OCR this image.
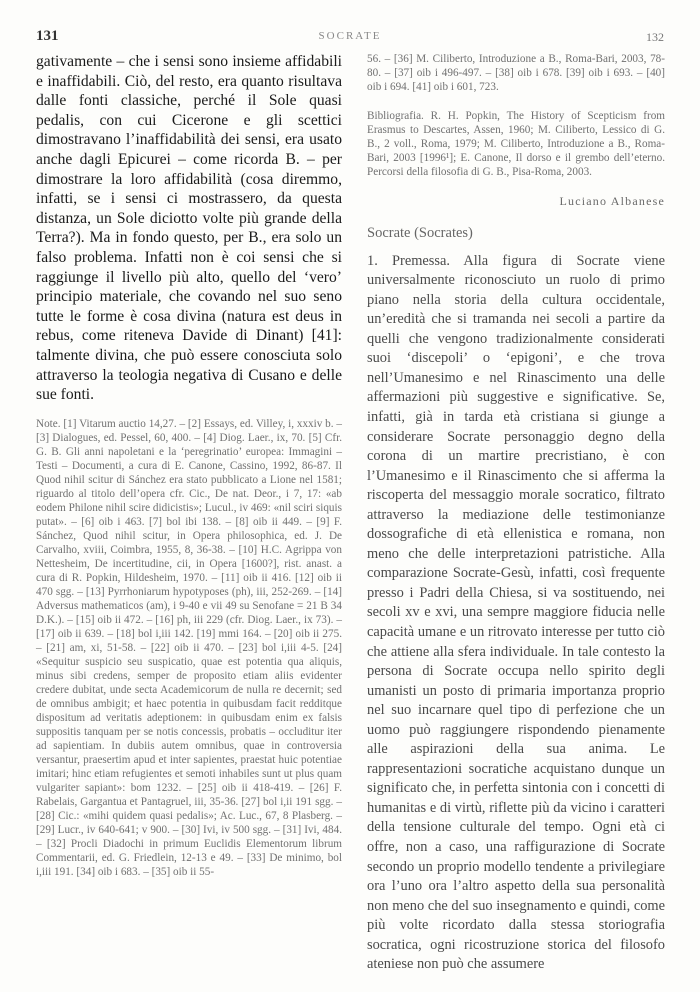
131	SOCRATE	132

gativamente – che i sensi sono insieme affidabili e inaffidabili. Ciò, del resto, era quanto risultava dalle fonti classiche, perché il Sole quasi pedalis, con cui Cicerone e gli scettici dimostravano l’inaffidabilità dei sensi, era usato anche dagli Epicurei – come ricorda B. – per dimostrare la loro affidabilità (cosa diremmo, infatti, se i sensi ci mostrassero, da questa distanza, un Sole diciotto volte più grande della Terra?). Ma in fondo questo, per B., era solo un falso problema. Infatti non è coi sensi che si raggiunge il livello più alto, quello del ‘vero’ principio materiale, che covando nel suo seno tutte le forme è cosa divina (natura est deus in rebus, come riteneva Davide di Dinant) [41]: talmente divina, che può essere conosciuta solo attraverso la teologia negativa di Cusano e delle sue fonti.

Note. [1] Vitarum auctio 14,27. – [2] Essays, ed. Villey, i, xxxiv b. – [3] Dialogues, ed. Pessel, 60, 400. – [4] Diog. Laer., ix, 70. [5] Cfr. G. B. Gli anni napoletani e la ‘peregrinatio’ europea: Immagini – Testi – Documenti, a cura di E. Canone, Cassino, 1992, 86-87. Il Quod nihil scitur di Sánchez era stato pubblicato a Lione nel 1581; riguardo al titolo dell’opera cfr. Cic., De nat. Deor., i 7, 17: «ab eodem Philone nihil scire didicistis»; Lucul., iv 469: «nil sciri siquis putat». – [6] oib i 463. [7] bol ibi 138. – [8] oib ii 449. – [9] F. Sánchez, Quod nihil scitur, in Opera philosophica, ed. J. De Carvalho, xviii, Coimbra, 1955, 8, 36-38. – [10] H.C. Agrippa von Nettesheim, De incertitudine, cii, in Opera [1600?], rist. anast. a cura di R. Popkin, Hildesheim, 1970. – [11] oib ii 416. [12] oib ii 470 sgg. – [13] Pyrrhoniarum hypotyposes (ph), iii, 252-269. – [14] Adversus mathematicos (am), i 9-40 e vii 49 su Senofane = 21 B 34 D.K.). – [15] oib ii 472. – [16] ph, iii 229 (cfr. Diog. Laer., ix 73). – [17] oib ii 639. – [18] bol i,iii 142. [19] mmi 164. – [20] oib ii 275. – [21] am, xi, 51-58. – [22] oib ii 470. – [23] bol i,iii 4-5. [24] «Sequitur suspicio seu suspicatio, quae est potentia qua aliquis, minus sibi credens, semper de proposito etiam aliis evidenter credere dubitat, unde secta Academicorum de nulla re decernit; sed de omnibus ambigit; et haec potentia in quibusdam facit redditque dispositum ad veritatis adeptionem: in quibusdam enim ex falsis suppositis tanquam per se notis concessis, probatis – occluditur iter ad sapientiam. In dubiis autem omnibus, quae in controversia versantur, praesertim apud et inter sapientes, praestat huic potentiae imitari; hinc etiam refugientes et semoti inhabiles sunt ut plus quam vulgariter sapiant»: bom 1232. – [25] oib ii 418-419. – [26] F. Rabelais, Gargantua et Pantagruel, iii, 35-36. [27] bol i,ii 191 sgg. – [28] Cic.: «mihi quidem quasi pedalis»; Ac. Luc., 67, 8 Plasberg. – [29] Lucr., iv 640-641; v 900. – [30] Ivi, iv 500 sgg. – [31] Ivi, 484. – [32] Procli Diadochi in primum Euclidis Elementorum librum Commentarii, ed. G. Friedlein, 12-13 e 49. – [33] De minimo, bol i,iii 191. [34] oib i 683. – [35] oib ii 55-

56. – [36] M. Ciliberto, Introduzione a B., Roma-Bari, 2003, 78-80. – [37] oib i 496-497. – [38] oib i 678. [39] oib i 693. – [40] oib i 694. [41] oib i 601, 723.

Bibliografia. R. H. Popkin, The History of Scepticism from Erasmus to Descartes, Assen, 1960; M. Ciliberto, Lessico di G. B., 2 voll., Roma, 1979; M. Ciliberto, Introduzione a B., Roma-Bari, 2003 [1996¹]; E. Canone, Il dorso e il grembo dell’eterno. Percorsi della filosofia di G. B., Pisa-Roma, 2003.

Luciano Albanese

Socrate (Socrates)

1. Premessa. Alla figura di Socrate viene universalmente riconosciuto un ruolo di primo piano nella storia della cultura occidentale, un’eredità che si tramanda nei secoli a partire da quelli che vengono tradizionalmente considerati suoi ‘discepoli’ o ‘epigoni’, e che trova nell’Umanesimo e nel Rinascimento una delle affermazioni più suggestive e significative. Se, infatti, già in tarda età cristiana si giunge a considerare Socrate personaggio degno della corona di un martire precristiano, è con l’Umanesimo e il Rinascimento che si afferma la riscoperta del messaggio morale socratico, filtrato attraverso la mediazione delle testimonianze dossografiche di età ellenistica e romana, non meno che delle interpretazioni patristiche. Alla comparazione Socrate-Gesù, infatti, così frequente presso i Padri della Chiesa, si va sostituendo, nei secoli xv e xvi, una sempre maggiore fiducia nelle capacità umane e un ritrovato interesse per tutto ciò che attiene alla sfera individuale. In tale contesto la persona di Socrate occupa nello spirito degli umanisti un posto di primaria importanza proprio nel suo incarnare quel tipo di perfezione che un uomo può raggiungere rispondendo pienamente alle aspirazioni della sua anima. Le rappresentazioni socratiche acquistano dunque un significato che, in perfetta sintonia con i concetti di humanitas e di virtù, riflette più da vicino i caratteri della tensione culturale del tempo. Ogni età ci offre, non a caso, una raffigurazione di Socrate secondo un proprio modello tendente a privilegiare ora l’uno ora l’altro aspetto della sua personalità non meno che del suo insegnamento e quindi, come più volte ricordato dalla stessa storiografia socratica, ogni ricostruzione storica del filosofo ateniese non può che assumere
